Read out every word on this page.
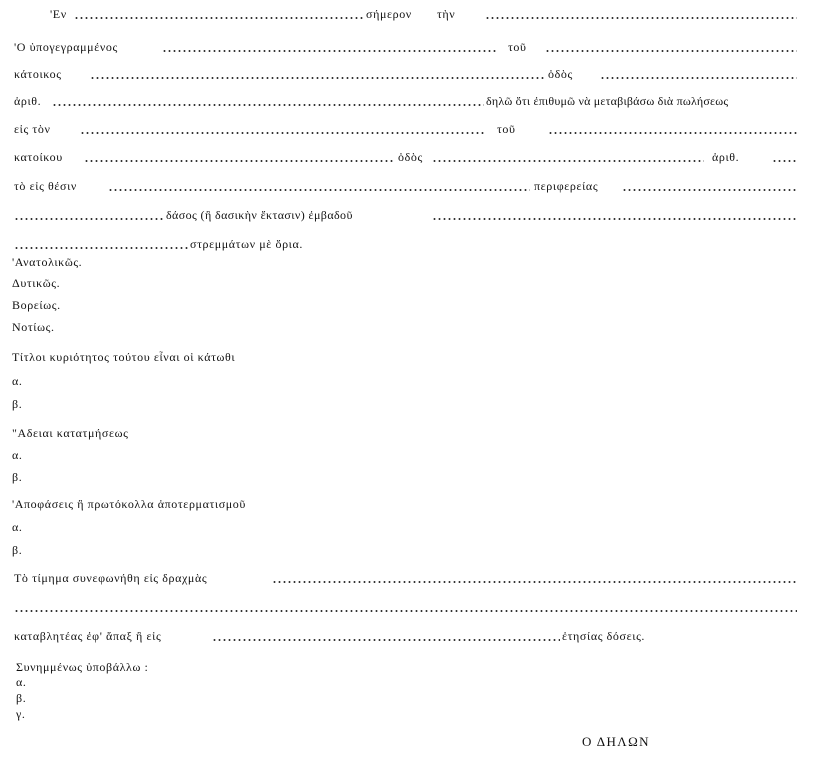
'Εν	σήμερον τὴν
'Ο ὑπογεγραμμένος	τοῦ
κάτοικος	ὁδὸς
ἀριθ.	δηλῶ ὅτι ἐπιθυμῶ νὰ μεταβιβάσω διὰ πωλήσεως
εἰς τὸν	τοῦ
κατοίκου	ὁδὸς	ἀριθ.
τὸ εἰς θέσιν	περιφερείας
δάσος (ἢ δασικὴν ἔκτασιν) ἐμβαδοῦ
στρεμμάτων μὲ ὅρια.
'Ανατολικῶς.
Δυτικῶς.
Βορείως.
Νοτίως.
Τίτλοι κυριότητος τούτου εἶναι οἱ κάτωθι
α.
β.
"Αδειαι κατατμήσεως
α.
β.
'Αποφάσεις ἢ πρωτόκολλα ἀποτερματισμοῦ
α.
β.
Τὸ τίμημα συνεφωνήθη εἰς δραχμὰς
καταβλητέας ἐφ' ἅπαξ ἢ εἰς	ἐτησίας δόσεις.
Συνημμένως ὑποβάλλω :
α.
β.
γ.
Ο ΔΗΛΩΝ
